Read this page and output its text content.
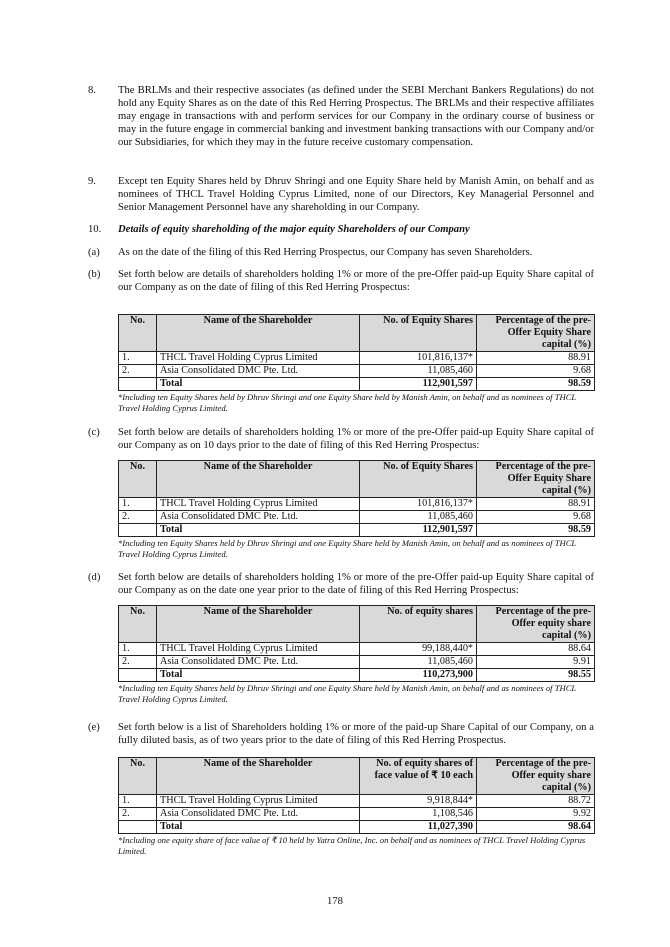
8. The BRLMs and their respective associates (as defined under the SEBI Merchant Bankers Regulations) do not hold any Equity Shares as on the date of this Red Herring Prospectus. The BRLMs and their respective affiliates may engage in transactions with and perform services for our Company in the ordinary course of business or may in the future engage in commercial banking and investment banking transactions with our Company and/or our Subsidiaries, for which they may in the future receive customary compensation.
9. Except ten Equity Shares held by Dhruv Shringi and one Equity Share held by Manish Amin, on behalf and as nominees of THCL Travel Holding Cyprus Limited, none of our Directors, Key Managerial Personnel and Senior Management Personnel have any shareholding in our Company.
10. Details of equity shareholding of the major equity Shareholders of our Company
(a) As on the date of the filing of this Red Herring Prospectus, our Company has seven Shareholders.
(b) Set forth below are details of shareholders holding 1% or more of the pre-Offer paid-up Equity Share capital of our Company as on the date of filing of this Red Herring Prospectus:
(c) Set forth below are details of shareholders holding 1% or more of the pre-Offer paid-up Equity Share capital of our Company as on 10 days prior to the date of filing of this Red Herring Prospectus:
(d) Set forth below are details of shareholders holding 1% or more of the pre-Offer paid-up Equity Share capital of our Company as on the date one year prior to the date of filing of this Red Herring Prospectus:
(e) Set forth below is a list of Shareholders holding 1% or more of the paid-up Share Capital of our Company, on a fully diluted basis, as of two years prior to the date of filing of this Red Herring Prospectus.
No.	Name of the Shareholder	No. of Equity Shares	Percentage of the pre-Offer Equity Share capital (%)
1.	THCL Travel Holding Cyprus Limited	101,816,137*	88.91
2.	Asia Consolidated DMC Pte. Ltd.	11,085,460	9.68
	Total	112,901,597	98.59
*Including ten Equity Shares held by Dhruv Shringi and one Equity Share held by Manish Amin, on behalf and as nominees of THCL Travel Holding Cyprus Limited.
No.	Name of the Shareholder	No. of Equity Shares	Percentage of the pre-Offer Equity Share capital (%)
1.	THCL Travel Holding Cyprus Limited	101,816,137*	88.91
2.	Asia Consolidated DMC Pte. Ltd.	11,085,460	9.68
	Total	112,901,597	98.59
*Including ten Equity Shares held by Dhruv Shringi and one Equity Share held by Manish Amin, on behalf and as nominees of THCL Travel Holding Cyprus Limited.
No.	Name of the Shareholder	No. of equity shares	Percentage of the pre-Offer equity share capital (%)
1.	THCL Travel Holding Cyprus Limited	99,188,440*	88.64
2.	Asia Consolidated DMC Pte. Ltd.	11,085,460	9.91
	Total	110,273,900	98.55
*Including ten Equity Shares held by Dhruv Shringi and one Equity Share held by Manish Amin, on behalf and as nominees of THCL Travel Holding Cyprus Limited.
No.	Name of the Shareholder	No. of equity shares of face value of ₹ 10 each	Percentage of the pre-Offer equity share capital (%)
1.	THCL Travel Holding Cyprus Limited	9,918,844*	88.72
2.	Asia Consolidated DMC Pte. Ltd.	1,108,546	9.92
	Total	11,027,390	98.64
*Including one equity share of face value of ₹ 10 held by Yatra Online, Inc. on behalf and as nominees of THCL Travel Holding Cyprus Limited.
178
